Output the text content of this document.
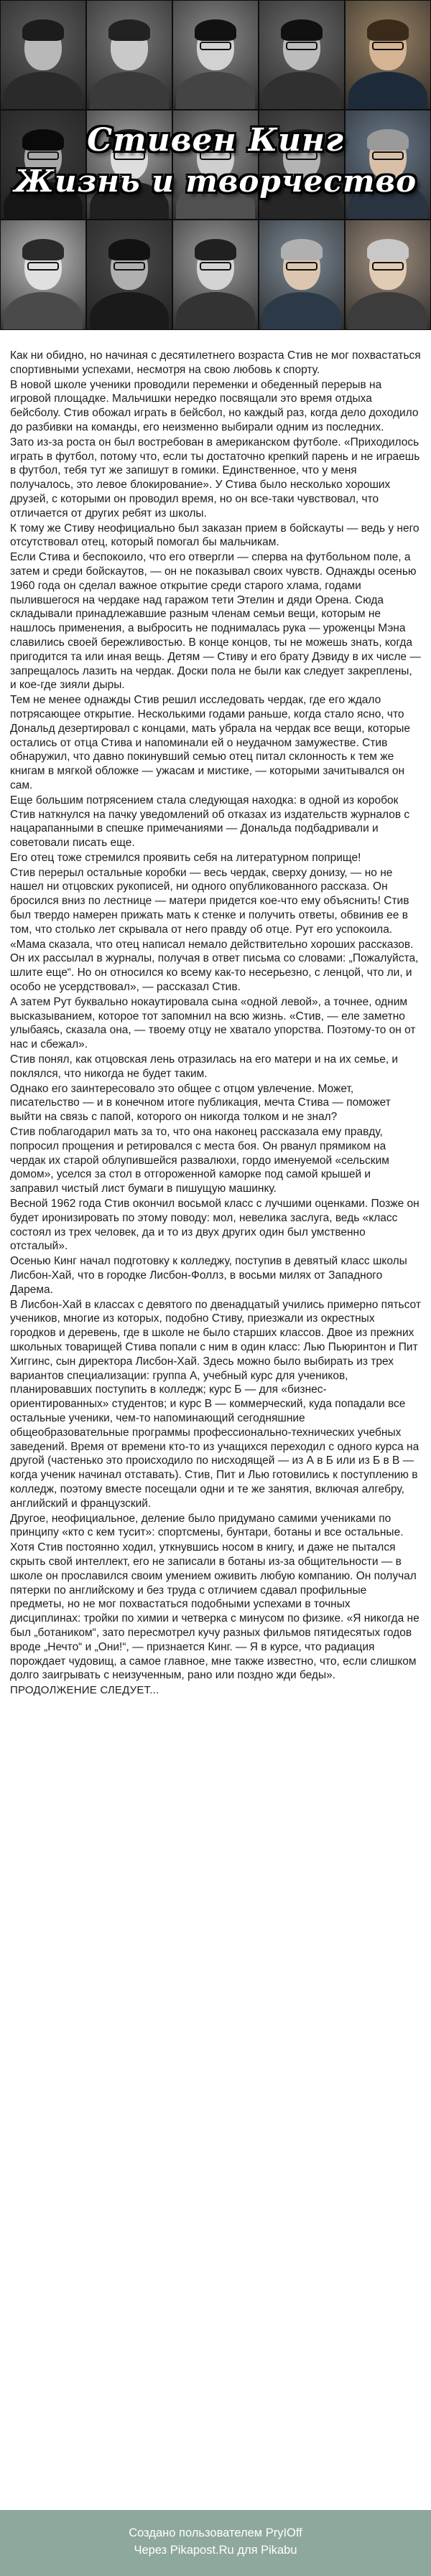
Стивен Кинг
Жизнь и творчество

Как ни обидно, но начиная с десятилетнего возраста Стив не мог похвастаться спортивными успехами, несмотря на свою любовь к спорту.

В новой школе ученики проводили переменки и обеденный перерыв на игровой площадке. Мальчишки нередко посвящали это время отдыха бейсболу. Стив обожал играть в бейсбол, но каждый раз, когда дело доходило до разбивки на команды, его неизменно выбирали одним из последних.

Зато из-за роста он был востребован в американском футболе. «Приходилось играть в футбол, потому что, если ты достаточно крепкий парень и не играешь в футбол, тебя тут же запишут в гомики. Единственное, что у меня получалось, это левое блокирование». У Стива было несколько хороших друзей, с которыми он проводил время, но он все-таки чувствовал, что отличается от других ребят из школы.

К тому же Стиву неофициально был заказан прием в бойскауты — ведь у него отсутствовал отец, который помогал бы мальчикам.

Если Стива и беспокоило, что его отвергли — сперва на футбольном поле, а затем и среди бойскаутов, — он не показывал своих чувств. Однажды осенью 1960 года он сделал важное открытие среди старого хлама, годами пылившегося на чердаке над гаражом тети Этелин и дяди Орена. Сюда складывали принадлежавшие разным членам семьи вещи, которым не нашлось применения, а выбросить не поднималась рука — уроженцы Мэна славились своей бережливостью. В конце концов, ты не можешь знать, когда пригодится та или иная вещь. Детям — Стиву и его брату Дэвиду в их числе — запрещалось лазить на чердак. Доски пола не были как следует закреплены, и кое-где зияли дыры.

Тем не менее однажды Стив решил исследовать чердак, где его ждало потрясающее открытие. Несколькими годами раньше, когда стало ясно, что Дональд дезертировал с концами, мать убрала на чердак все вещи, которые остались от отца Стива и напоминали ей о неудачном замужестве. Стив обнаружил, что давно покинувший семью отец питал склонность к тем же книгам в мягкой обложке — ужасам и мистике, — которыми зачитывался он сам.

Еще большим потрясением стала следующая находка: в одной из коробок Стив наткнулся на пачку уведомлений об отказах из издательств журналов с нацарапанными в спешке примечаниями — Дональда подбадривали и советовали писать еще.

Его отец тоже стремился проявить себя на литературном поприще!

Стив перерыл остальные коробки — весь чердак, сверху донизу, — но не нашел ни отцовских рукописей, ни одного опубликованного рассказа. Он бросился вниз по лестнице — матери придется кое-что ему объяснить! Стив был твердо намерен прижать мать к стенке и получить ответы, обвинив ее в том, что столько лет скрывала от него правду об отце. Рут его успокоила.

«Мама сказала, что отец написал немало действительно хороших рассказов. Он их рассылал в журналы, получая в ответ письма со словами: „Пожалуйста, шлите еще“. Но он относился ко всему как-то несерьезно, с ленцой, что ли, и особо не усердствовал», — рассказал Стив.

А затем Рут буквально нокаутировала сына «одной левой», а точнее, одним высказыванием, которое тот запомнил на всю жизнь. «Стив, — еле заметно улыбаясь, сказала она, — твоему отцу не хватало упорства. Поэтому-то он от нас и сбежал».

Стив понял, как отцовская лень отразилась на его матери и на их семье, и поклялся, что никогда не будет таким.

Однако его заинтересовало это общее с отцом увлечение. Может, писательство — и в конечном итоге публикация, мечта Стива — поможет выйти на связь с папой, которого он никогда толком и не знал?

Стив поблагодарил мать за то, что она наконец рассказала ему правду, попросил прощения и ретировался с места боя. Он рванул прямиком на чердак их старой облупившейся развалюхи, гордо именуемой «сельским домом», уселся за стол в отгороженной каморке под самой крышей и заправил чистый лист бумаги в пишущую машинку.

Весной 1962 года Стив окончил восьмой класс с лучшими оценками. Позже он будет иронизировать по этому поводу: мол, невелика заслуга, ведь «класс состоял из трех человек, да и то из двух других один был умственно отсталый».

Осенью Кинг начал подготовку к колледжу, поступив в девятый класс школы Лисбон-Хай, что в городке Лисбон-Фоллз, в восьми милях от Западного Дарема.

В Лисбон-Хай в классах с девятого по двенадцатый учились примерно пятьсот учеников, многие из которых, подобно Стиву, приезжали из окрестных городков и деревень, где в школе не было старших классов. Двое из прежних школьных товарищей Стива попали с ним в один класс: Лью Пьюринтон и Пит Хиггинс, сын директора Лисбон-Хай. Здесь можно было выбирать из трех вариантов специализации: группа А, учебный курс для учеников, планировавших поступить в колледж; курс Б — для «бизнес-ориентированных» студентов; и курс В — коммерческий, куда попадали все остальные ученики, чем-то напоминающий сегодняшние общеобразовательные программы профессионально-технических учебных заведений. Время от времени кто-то из учащихся переходил с одного курса на другой (частенько это происходило по нисходящей — из А в Б или из Б в В — когда ученик начинал отставать). Стив, Пит и Лью готовились к поступлению в колледж, поэтому вместе посещали одни и те же занятия, включая алгебру, английский и французский.

Другое, неофициальное, деление было придумано самими учениками по принципу «кто с кем тусит»: спортсмены, бунтари, ботаны и все остальные.

Хотя Стив постоянно ходил, уткнувшись носом в книгу, и даже не пытался скрыть свой интеллект, его не записали в ботаны из-за общительности — в школе он прославился своим умением оживить любую компанию. Он получал пятерки по английскому и без труда с отличием сдавал профильные предметы, но не мог похвастаться подобными успехами в точных дисциплинах: тройки по химии и четверка с минусом по физике. «Я никогда не был „ботаником“, зато пересмотрел кучу разных фильмов пятидесятых годов вроде „Нечто“ и „Они!“, — признается Кинг. — Я в курсе, что радиация порождает чудовищ, а самое главное, мне также известно, что, если слишком долго заигрывать с неизученным, рано или поздно жди беды».

ПРОДОЛЖЕНИЕ СЛЕДУЕТ...

Создано пользователем PryIOff
Через Pikapost.Ru для Pikabu
